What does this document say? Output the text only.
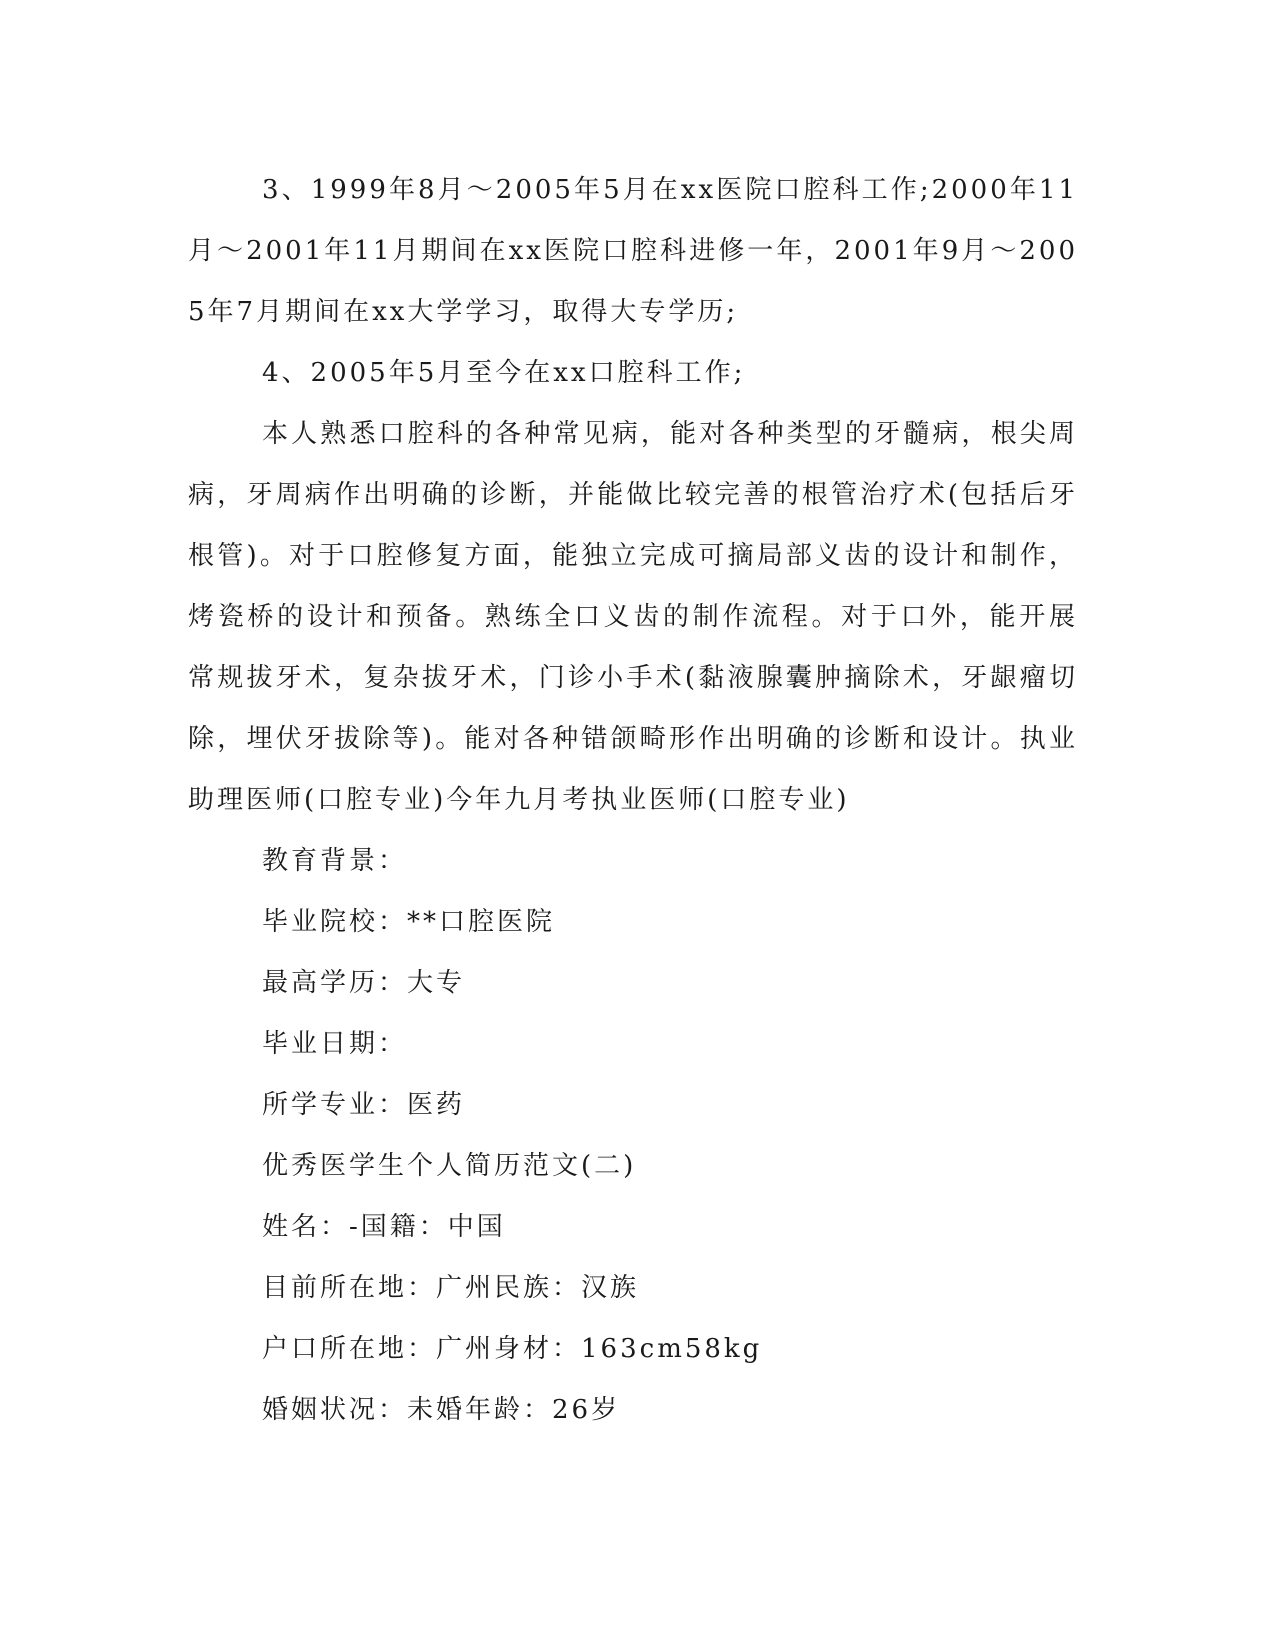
3、1999年8月～2005年5月在xx医院口腔科工作;2000年11月～2001年11月期间在xx医院口腔科进修一年，2001年9月～2005年7月期间在xx大学学习，取得大专学历;

4、2005年5月至今在xx口腔科工作;

本人熟悉口腔科的各种常见病，能对各种类型的牙髓病，根尖周病，牙周病作出明确的诊断，并能做比较完善的根管治疗术(包括后牙根管)。对于口腔修复方面，能独立完成可摘局部义齿的设计和制作，烤瓷桥的设计和预备。熟练全口义齿的制作流程。对于口外，能开展常规拔牙术，复杂拔牙术，门诊小手术(黏液腺囊肿摘除术，牙龈瘤切除，埋伏牙拔除等)。能对各种错颌畸形作出明确的诊断和设计。执业助理医师(口腔专业)今年九月考执业医师(口腔专业)

教育背景：

毕业院校：**口腔医院

最高学历：大专

毕业日期：

所学专业：医药

优秀医学生个人简历范文(二)

姓名：-国籍：中国

目前所在地：广州民族：汉族

户口所在地：广州身材：163cm58kg

婚姻状况：未婚年龄：26岁
